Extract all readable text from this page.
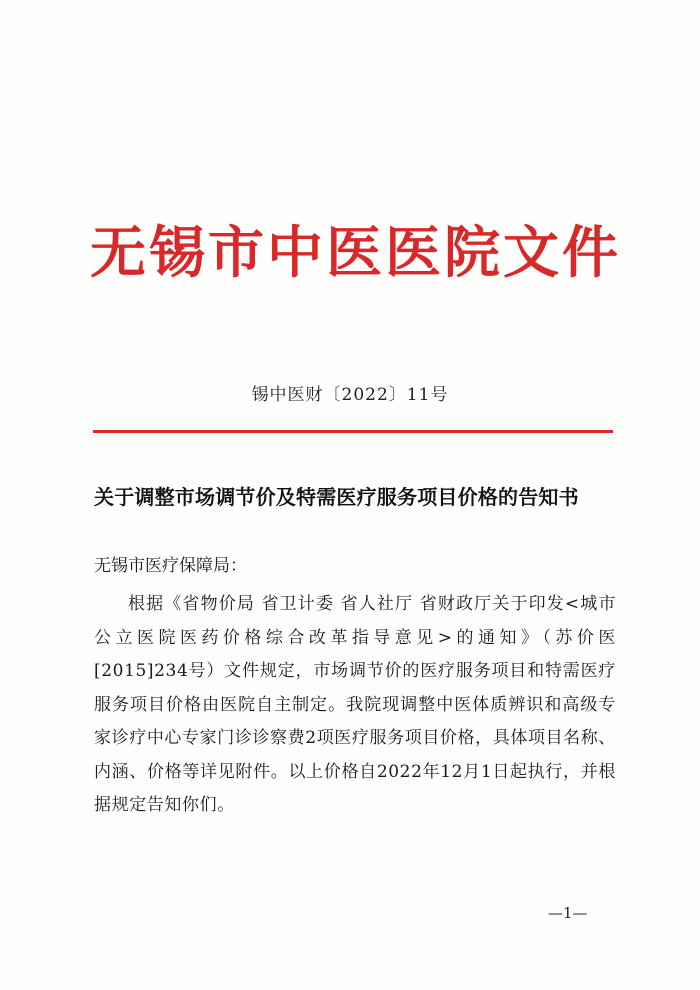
无锡市中医医院文件
锡中医财〔2022〕11号
关于调整市场调节价及特需医疗服务项目价格的告知书
无锡市医疗保障局：

根据《省物价局 省卫计委 省人社厅 省财政厅关于印发<城市公立医院医药价格综合改革指导意见>的通知》（苏价医[2015]234号）文件规定，市场调节价的医疗服务项目和特需医疗服务项目价格由医院自主制定。我院现调整中医体质辨识和高级专家诊疗中心专家门诊诊察费2项医疗服务项目价格，具体项目名称、内涵、价格等详见附件。以上价格自2022年12月1日起执行，并根据规定告知你们。

—1—
